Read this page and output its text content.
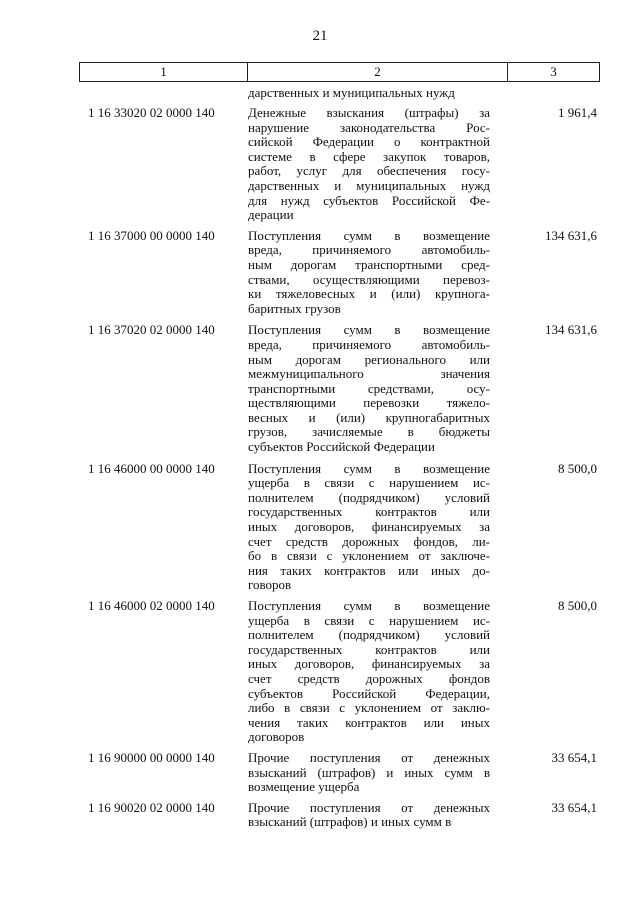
21
1	2	3
дарственных и муниципальных нужд
1 16 33020 02 0000 140	Денежные взыскания (штрафы) за
нарушение законодательства Рос-
сийской Федерации о контрактной
системе в сфере закупок товаров,
работ, услуг для обеспечения госу-
дарственных и муниципальных нужд
для нужд субъектов Российской Фе-
дерации
1 961,4
1 16 37000 00 0000 140	Поступления сумм в возмещение
вреда, причиняемого автомобиль-
ным дорогам транспортными сред-
ствами, осуществляющими перевоз-
ки тяжеловесных и (или) крупнога-
баритных грузов
134 631,6
1 16 37020 02 0000 140	Поступления сумм в возмещение
вреда, причиняемого автомобиль-
ным дорогам регионального или
межмуниципального значения
транспортными средствами, осу-
ществляющими перевозки тяжело-
весных и (или) крупногабаритных
грузов, зачисляемые в бюджеты
субъектов Российской Федерации
134 631,6
1 16 46000 00 0000 140	Поступления сумм в возмещение
ущерба в связи с нарушением ис-
полнителем (подрядчиком) условий
государственных контрактов или
иных договоров, финансируемых за
счет средств дорожных фондов, ли-
бо в связи с уклонением от заключе-
ния таких контрактов или иных до-
говоров
8 500,0
1 16 46000 02 0000 140	Поступления сумм в возмещение
ущерба в связи с нарушением ис-
полнителем (подрядчиком) условий
государственных контрактов или
иных договоров, финансируемых за
счет средств дорожных фондов
субъектов Российской Федерации,
либо в связи с уклонением от заклю-
чения таких контрактов или иных
договоров
8 500,0
1 16 90000 00 0000 140	Прочие поступления от денежных
взысканий (штрафов) и иных сумм в
возмещение ущерба
33 654,1
1 16 90020 02 0000 140	Прочие поступления от денежных
взысканий (штрафов) и иных сумм в
33 654,1
